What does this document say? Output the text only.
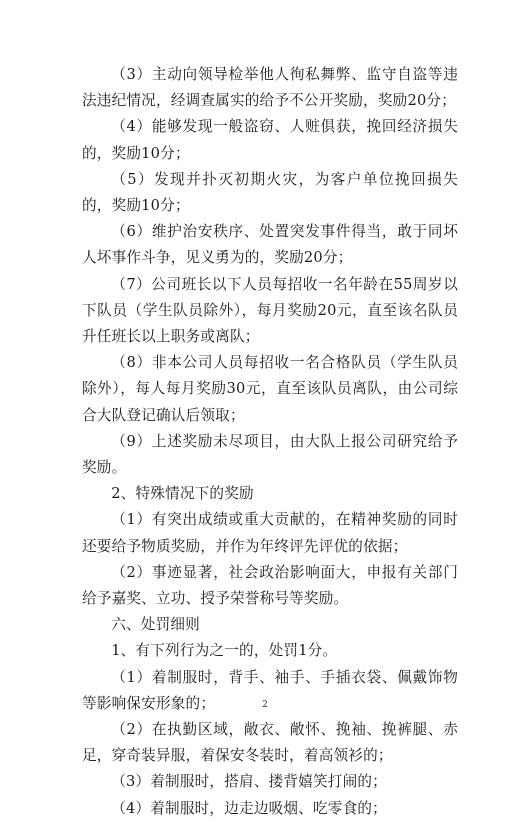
（3）主动向领导检举他人徇私舞弊、监守自盗等违法违纪情况，经调查属实的给予不公开奖励，奖励20分；

（4）能够发现一般盗窃、人赃俱获，挽回经济损失的，奖励10分；

（5）发现并扑灭初期火灾，为客户单位挽回损失的，奖励10分；

（6）维护治安秩序、处置突发事件得当，敢于同坏人坏事作斗争，见义勇为的，奖励20分；

（7）公司班长以下人员每招收一名年龄在55周岁以下队员（学生队员除外），每月奖励20元，直至该名队员升任班长以上职务或离队；

（8）非本公司人员每招收一名合格队员（学生队员除外），每人每月奖励30元，直至该队员离队，由公司综合大队登记确认后领取；

（9）上述奖励未尽项目，由大队上报公司研究给予奖励。

2、特殊情况下的奖励

（1）有突出成绩或重大贡献的，在精神奖励的同时还要给予物质奖励，并作为年终评先评优的依据；

（2）事迹显著，社会政治影响面大，申报有关部门给予嘉奖、立功、授予荣誉称号等奖励。

六、处罚细则

1、有下列行为之一的，处罚1分。

（1）着制服时，背手、袖手、手插衣袋、佩戴饰物等影响保安形象的；

（2）在执勤区域，敞衣、敞怀、挽袖、挽裤腿、赤足，穿奇装异服，着保安冬装时，着高领衫的；

（3）着制服时，搭肩、搂背嬉笑打闹的；

（4）着制服时，边走边吸烟、吃零食的；

2
